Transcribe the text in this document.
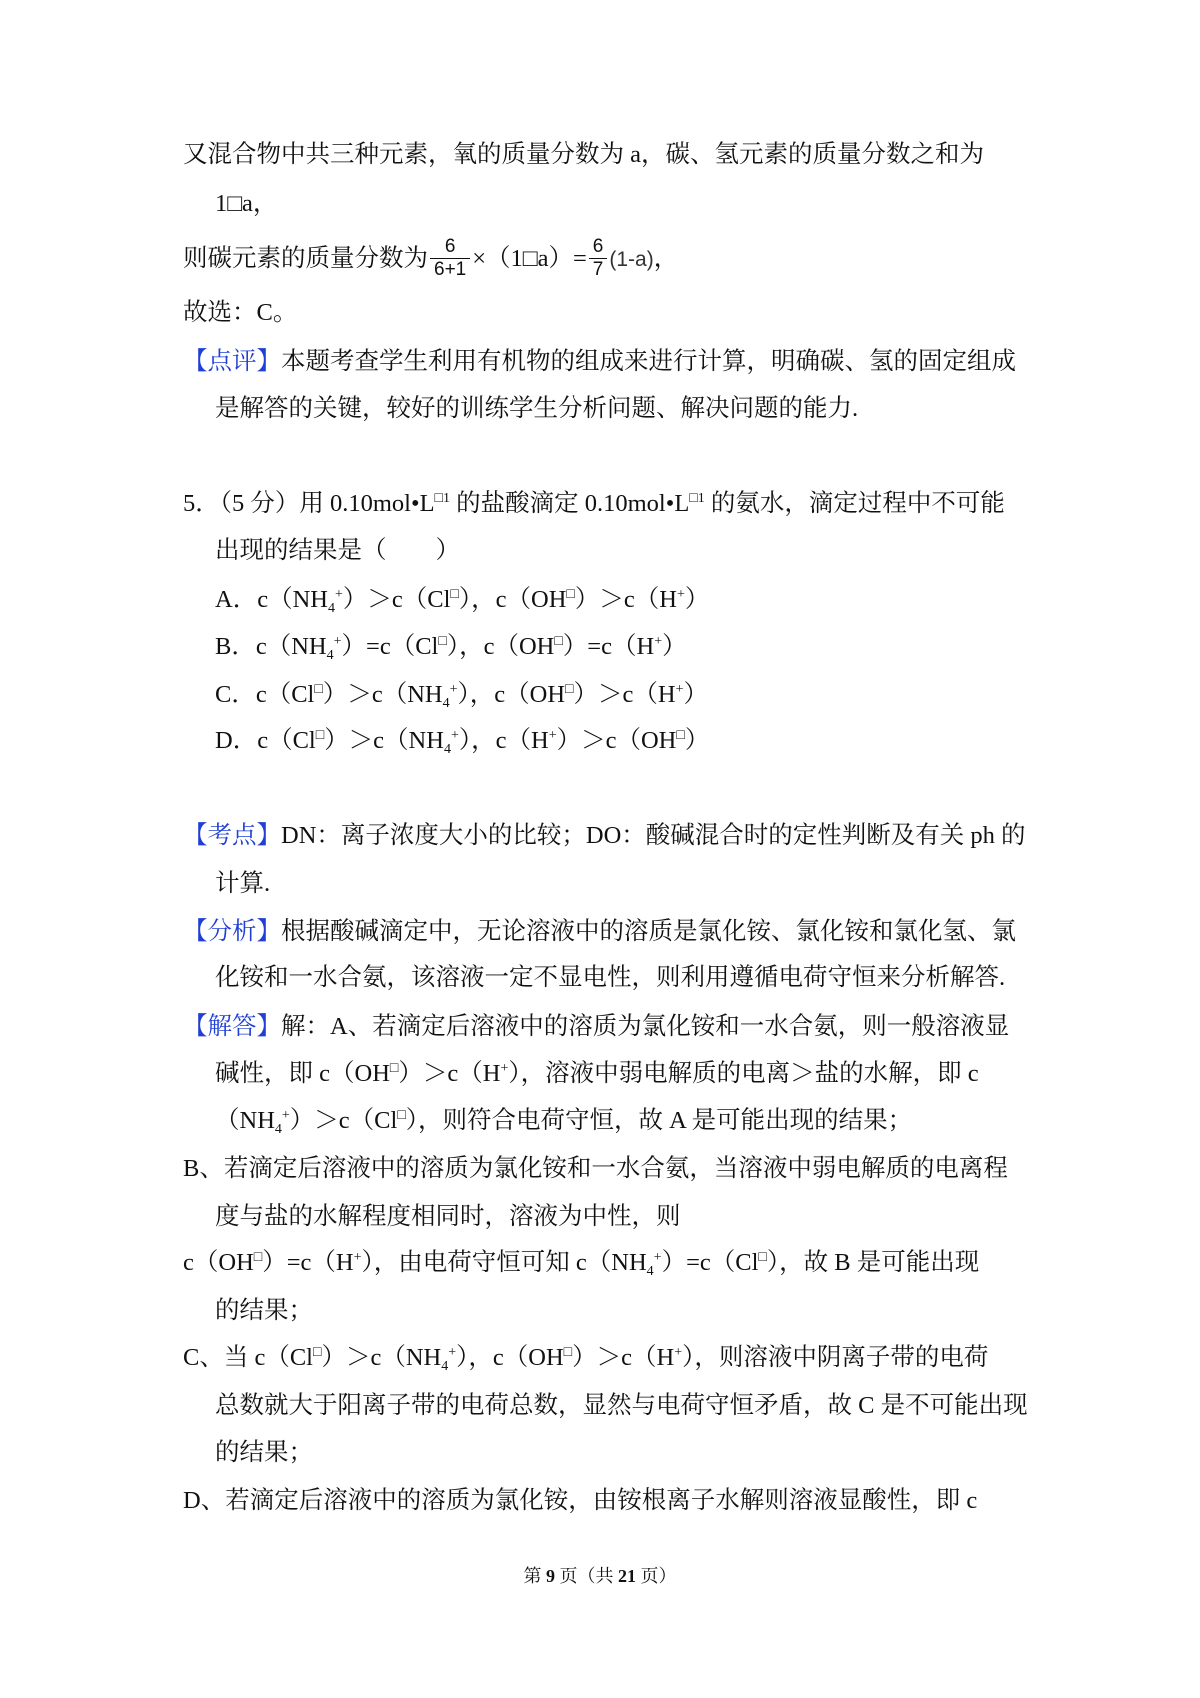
又混合物中共三种元素，氧的质量分数为 a，碳、氢元素的质量分数之和为
1□a，
则碳元素的质量分数为 $\frac{6}{6+1}$ ×（1□a）= $\frac{6}{7} (1-a)$，
故选：C。
【点评】本题考查学生利用有机物的组成来进行计算，明确碳、氢的固定组成
是解答的关键，较好的训练学生分析问题、解决问题的能力.
5．（5 分）用 $0.10mol•L^{□1}$ 的盐酸滴定 $0.10mol•L^{□1}$ 的氨水，滴定过程中不可能
出现的结果是（　　）
A．$c(NH_4^+)>c(Cl^□)$，c（OH□）＞c（H+）
B．$c(NH_4^+)=c(Cl^□)$，c（OH□）=c（H+）
C．$c(Cl^□)>c(NH_4^+)$，c（OH□）＞c（H+）
D．$c(Cl^□)>c(NH_4^+)$，c（H+）＞c（OH□）
【考点】DN：离子浓度大小的比较；DO：酸碱混合时的定性判断及有关 ph 的
计算.
【分析】根据酸碱滴定中，无论溶液中的溶质是氯化铵、氯化铵和氯化氢、氯
化铵和一水合氨，该溶液一定不显电性，则利用遵循电荷守恒来分析解答.
【解答】解：A、若滴定后溶液中的溶质为氯化铵和一水合氨，则一般溶液显
碱性，即 c（OH□）＞c（H+），溶液中弱电解质的电离＞盐的水解，即 c
$(NH_4^+)>c(Cl^□)$，则符合电荷守恒，故 A 是可能出现的结果；
B、若滴定后溶液中的溶质为氯化铵和一水合氨，当溶液中弱电解质的电离程
度与盐的水解程度相同时，溶液为中性，则
c（OH□）=c（H+），由电荷守恒可知 $c(NH_4^+)=c(Cl^□)$，故 B 是可能出现
的结果；
C、当 $c(Cl^□)>c(NH_4^+)$，c（OH□）＞c（H+），则溶液中阴离子带的电荷
总数就大于阳离子带的电荷总数，显然与电荷守恒矛盾，故 C 是不可能出现
的结果；
D、若滴定后溶液中的溶质为氯化铵，由铵根离子水解则溶液显酸性，即 c
第 9 页（共 21 页）
